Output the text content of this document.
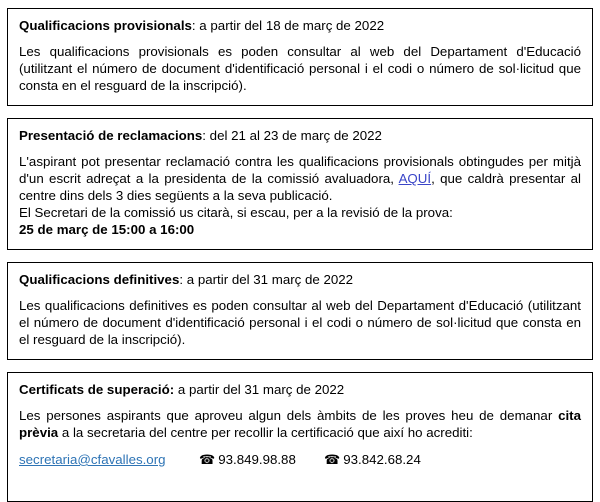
Qualificacions provisionals: a partir del 18 de març de 2022
Les qualificacions provisionals es poden consultar al web del Departament d'Educació (utilitzant el número de document d'identificació personal i el codi o número de sol·licitud que consta en el resguard de la inscripció).
Presentació de reclamacions: del 21 al 23 de març de 2022
L'aspirant pot presentar reclamació contra les qualificacions provisionals obtingudes per mitjà d'un escrit adreçat a la presidenta de la comissió avaluadora, AQUÍ, que caldrà presentar al centre dins dels 3 dies següents a la seva publicació.
El Secretari de la comissió us citarà, si escau, per a la revisió de la prova:
25 de març de 15:00 a 16:00
Qualificacions definitives: a partir del 31 març de 2022
Les qualificacions definitives es poden consultar al web del Departament d'Educació (utilitzant el número de document d'identificació personal i el codi o número de sol·licitud que consta en el resguard de la inscripció).
Certificats de superació: a partir del 31 març de 2022
Les persones aspirants que aproveu algun dels àmbits de les proves heu de demanar cita prèvia a la secretaria del centre per recollir la certificació que així ho acrediti:
secretaria@cfavalles.org	☎ 93.849.98.88 ☎ 93.842.68.24
